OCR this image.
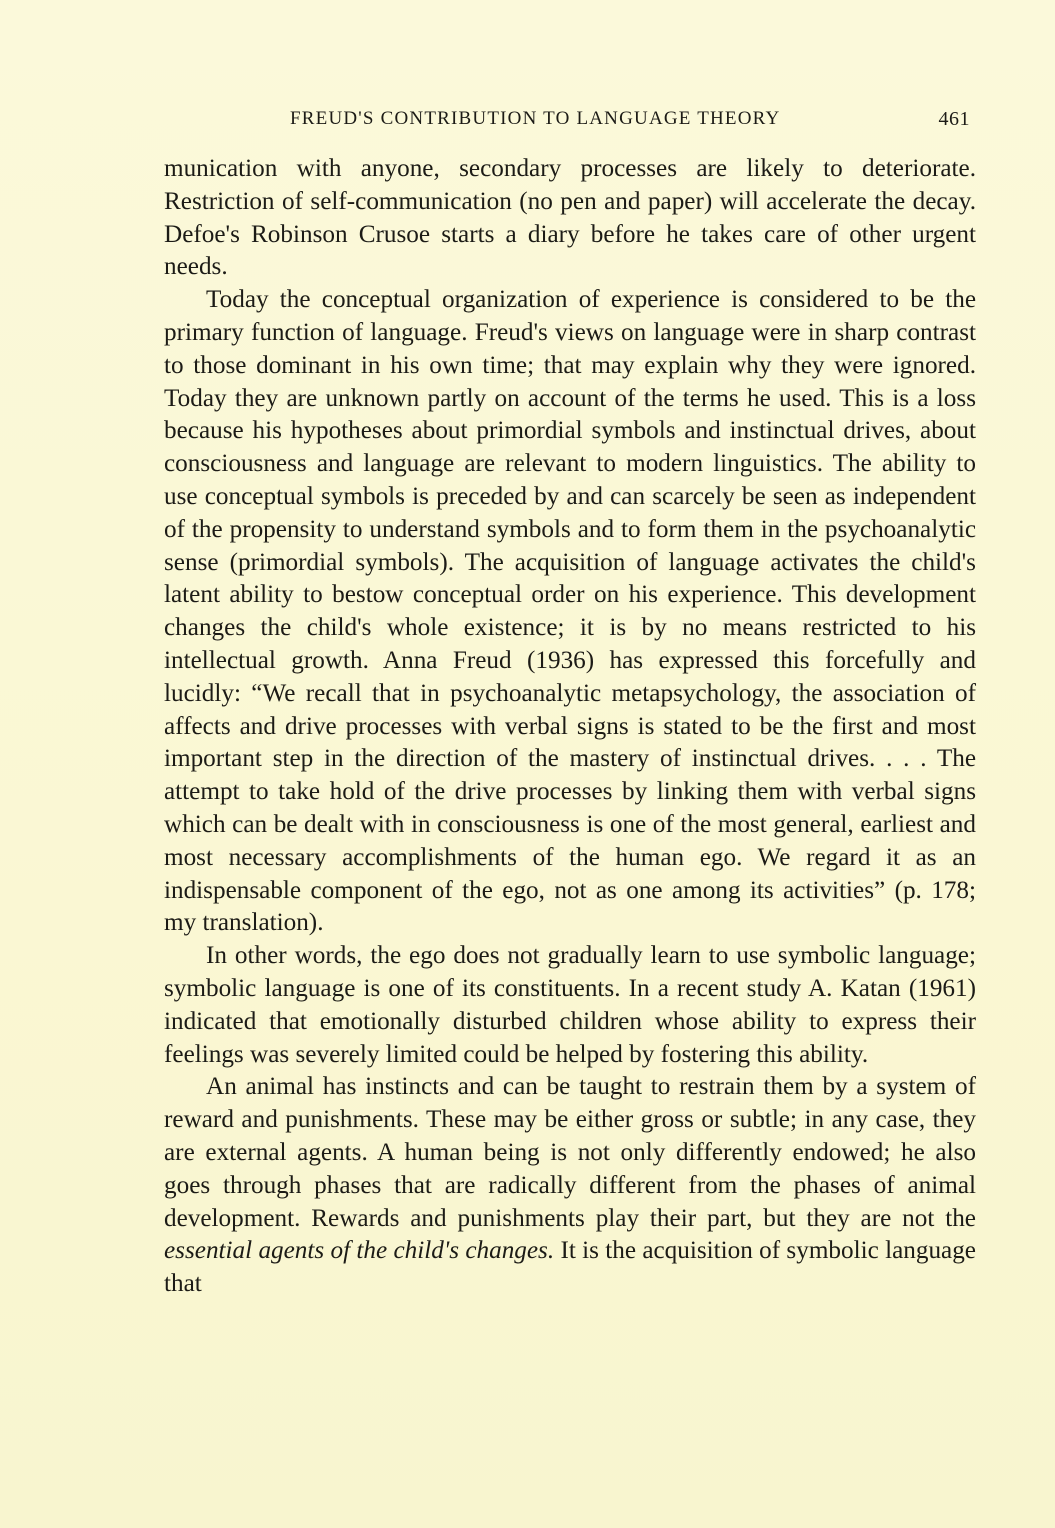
FREUD'S CONTRIBUTION TO LANGUAGE THEORY	461

munication with anyone, secondary processes are likely to deteriorate. Restriction of self-communication (no pen and paper) will accelerate the decay. Defoe's Robinson Crusoe starts a diary before he takes care of other urgent needs.

Today the conceptual organization of experience is considered to be the primary function of language. Freud's views on language were in sharp contrast to those dominant in his own time; that may explain why they were ignored. Today they are unknown partly on account of the terms he used. This is a loss because his hypotheses about primordial symbols and instinctual drives, about consciousness and language are relevant to modern linguistics. The ability to use conceptual symbols is preceded by and can scarcely be seen as independent of the propensity to understand symbols and to form them in the psychoanalytic sense (primordial symbols). The acquisition of language activates the child's latent ability to bestow conceptual order on his experience. This development changes the child's whole existence; it is by no means restricted to his intellectual growth. Anna Freud (1936) has expressed this forcefully and lucidly: “We recall that in psychoanalytic metapsychology, the association of affects and drive processes with verbal signs is stated to be the first and most important step in the direction of the mastery of instinctual drives. . . . The attempt to take hold of the drive processes by linking them with verbal signs which can be dealt with in consciousness is one of the most general, earliest and most necessary accomplishments of the human ego. We regard it as an indispensable component of the ego, not as one among its activities” (p. 178; my translation).

In other words, the ego does not gradually learn to use symbolic language; symbolic language is one of its constituents. In a recent study A. Katan (1961) indicated that emotionally disturbed children whose ability to express their feelings was severely limited could be helped by fostering this ability.

An animal has instincts and can be taught to restrain them by a system of reward and punishments. These may be either gross or subtle; in any case, they are external agents. A human being is not only differently endowed; he also goes through phases that are radically different from the phases of animal development. Rewards and punishments play their part, but they are not the essential agents of the child's changes. It is the acquisition of symbolic language that
